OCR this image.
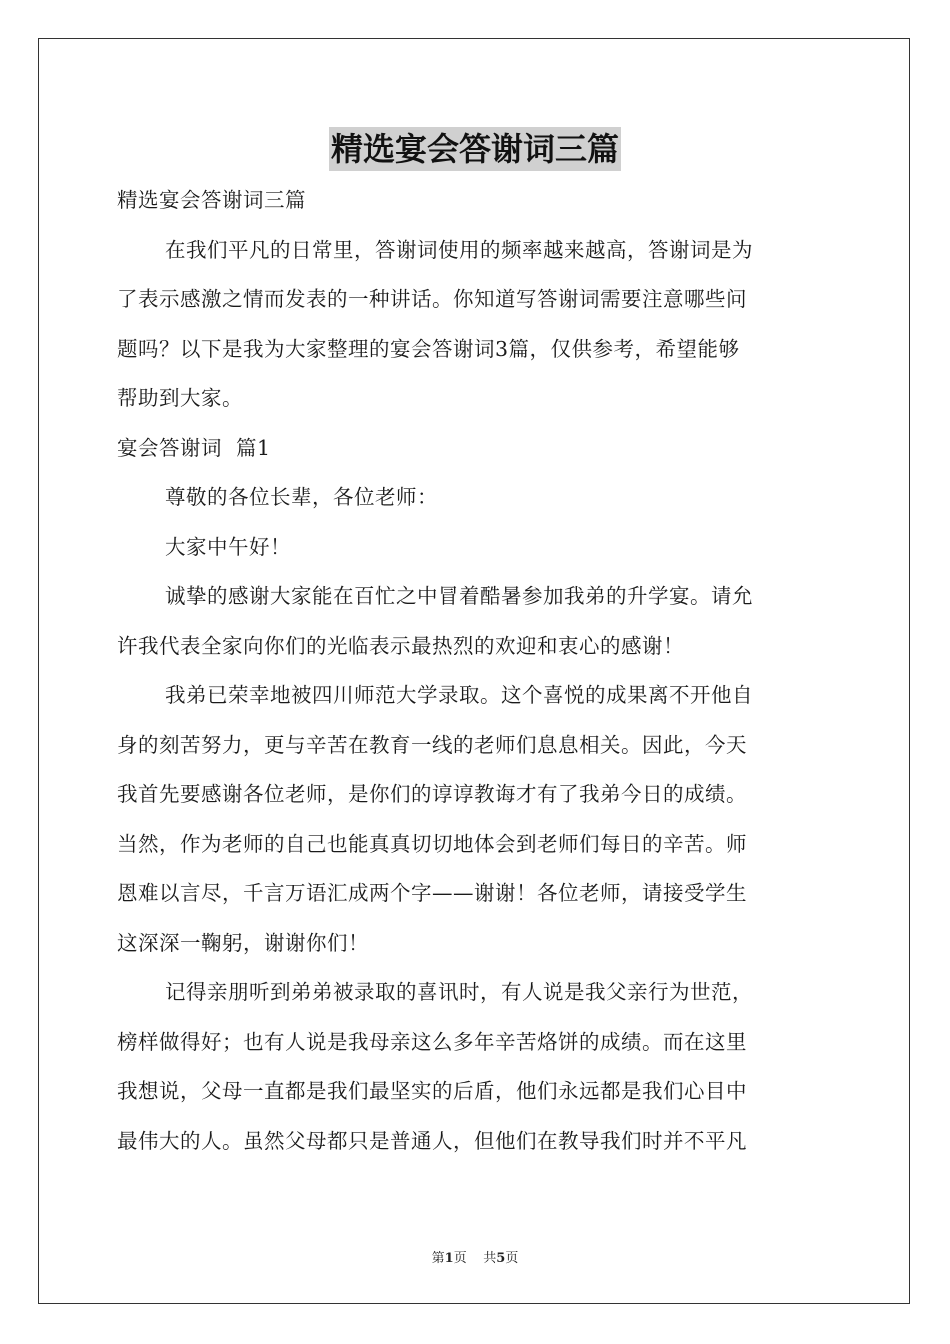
精选宴会答谢词三篇
精选宴会答谢词三篇
在我们平凡的日常里，答谢词使用的频率越来越高，答谢词是为
了表示感激之情而发表的一种讲话。你知道写答谢词需要注意哪些问
题吗？以下是我为大家整理的宴会答谢词3篇，仅供参考，希望能够
帮助到大家。
宴会答谢词  篇1
尊敬的各位长辈，各位老师：
大家中午好！
诚挚的感谢大家能在百忙之中冒着酷暑参加我弟的升学宴。请允
许我代表全家向你们的光临表示最热烈的欢迎和衷心的感谢！
我弟已荣幸地被四川师范大学录取。这个喜悦的成果离不开他自
身的刻苦努力，更与辛苦在教育一线的老师们息息相关。因此，今天
我首先要感谢各位老师，是你们的谆谆教诲才有了我弟今日的成绩。
当然，作为老师的自己也能真真切切地体会到老师们每日的辛苦。师
恩难以言尽，千言万语汇成两个字——谢谢！各位老师，请接受学生
这深深一鞠躬，谢谢你们！
记得亲朋听到弟弟被录取的喜讯时，有人说是我父亲行为世范，
榜样做得好；也有人说是我母亲这么多年辛苦烙饼的成绩。而在这里
我想说，父母一直都是我们最坚实的后盾，他们永远都是我们心目中
最伟大的人。虽然父母都只是普通人，但他们在教导我们时并不平凡
第1页 共5页
